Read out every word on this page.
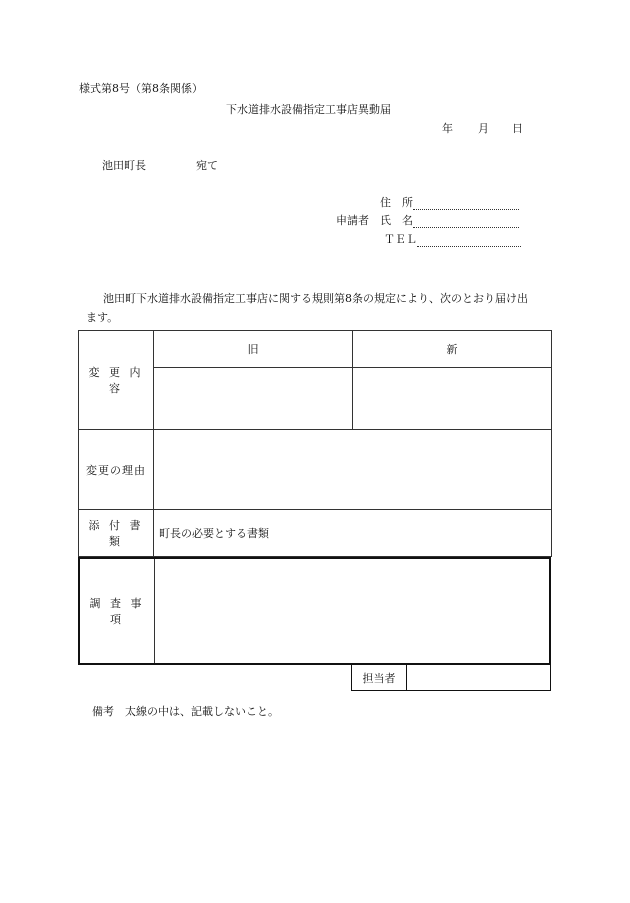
様式第8号（第8条関係）
下水道排水設備指定工事店異動届
年 月 日
池田町長	宛て
住　所
申請者 氏　名
ＴＥＬ
池田町下水道排水設備指定工事店に関する規則第8条の規定により、次のとおり届け出
ます。
変 更 内 容	旧	新

変更の理由		
添 付 書 類	町長の必要とする書類	
調 査 事 項
担当者
備考　太線の中は、記載しないこと。
